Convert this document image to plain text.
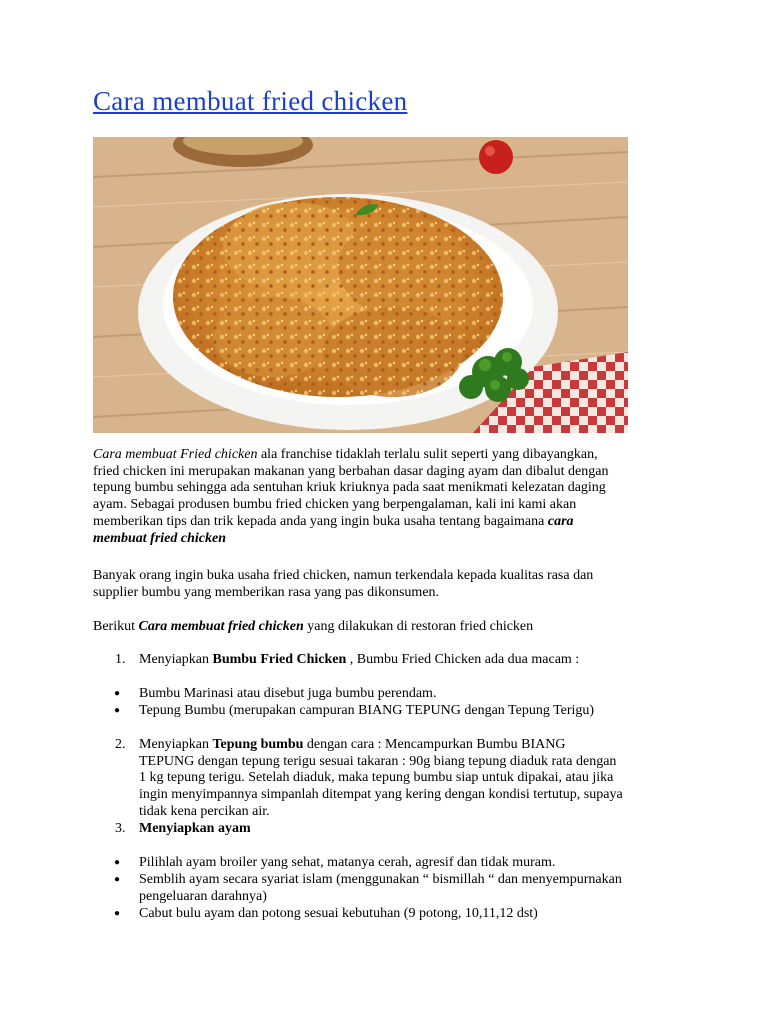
Cara membuat fried chicken
Cara membuat Fried chicken ala franchise tidaklah terlalu sulit seperti yang dibayangkan,
fried chicken ini merupakan makanan yang berbahan dasar daging ayam dan dibalut dengan
tepung bumbu sehingga ada sentuhan kriuk kriuknya pada saat menikmati kelezatan daging
ayam. Sebagai produsen bumbu fried chicken yang berpengalaman, kali ini kami akan
memberikan tips dan trik kepada anda yang ingin buka usaha tentang bagaimana cara
membuat fried chicken
Banyak orang ingin buka usaha fried chicken, namun terkendala kepada kualitas rasa dan
supplier bumbu yang memberikan rasa yang pas dikonsumen.
Berikut Cara membuat fried chicken yang dilakukan di restoran fried chicken
1. Menyiapkan Bumbu Fried Chicken , Bumbu Fried Chicken ada dua macam :
● Bumbu Marinasi atau disebut juga bumbu perendam.
● Tepung Bumbu (merupakan campuran BIANG TEPUNG dengan Tepung Terigu)
2. Menyiapkan Tepung bumbu dengan cara : Mencampurkan Bumbu BIANG
TEPUNG dengan tepung terigu sesuai takaran : 90g biang tepung diaduk rata dengan
1 kg tepung terigu. Setelah diaduk, maka tepung bumbu siap untuk dipakai, atau jika
ingin menyimpannya simpanlah ditempat yang kering dengan kondisi tertutup, supaya
tidak kena percikan air.
3. Menyiapkan ayam
● Pilihlah ayam broiler yang sehat, matanya cerah, agresif dan tidak muram.
● Semblih ayam secara syariat islam (menggunakan “ bismillah “ dan menyempurnakan
pengeluaran darahnya)
● Cabut bulu ayam dan potong sesuai kebutuhan (9 potong, 10,11,12 dst)
